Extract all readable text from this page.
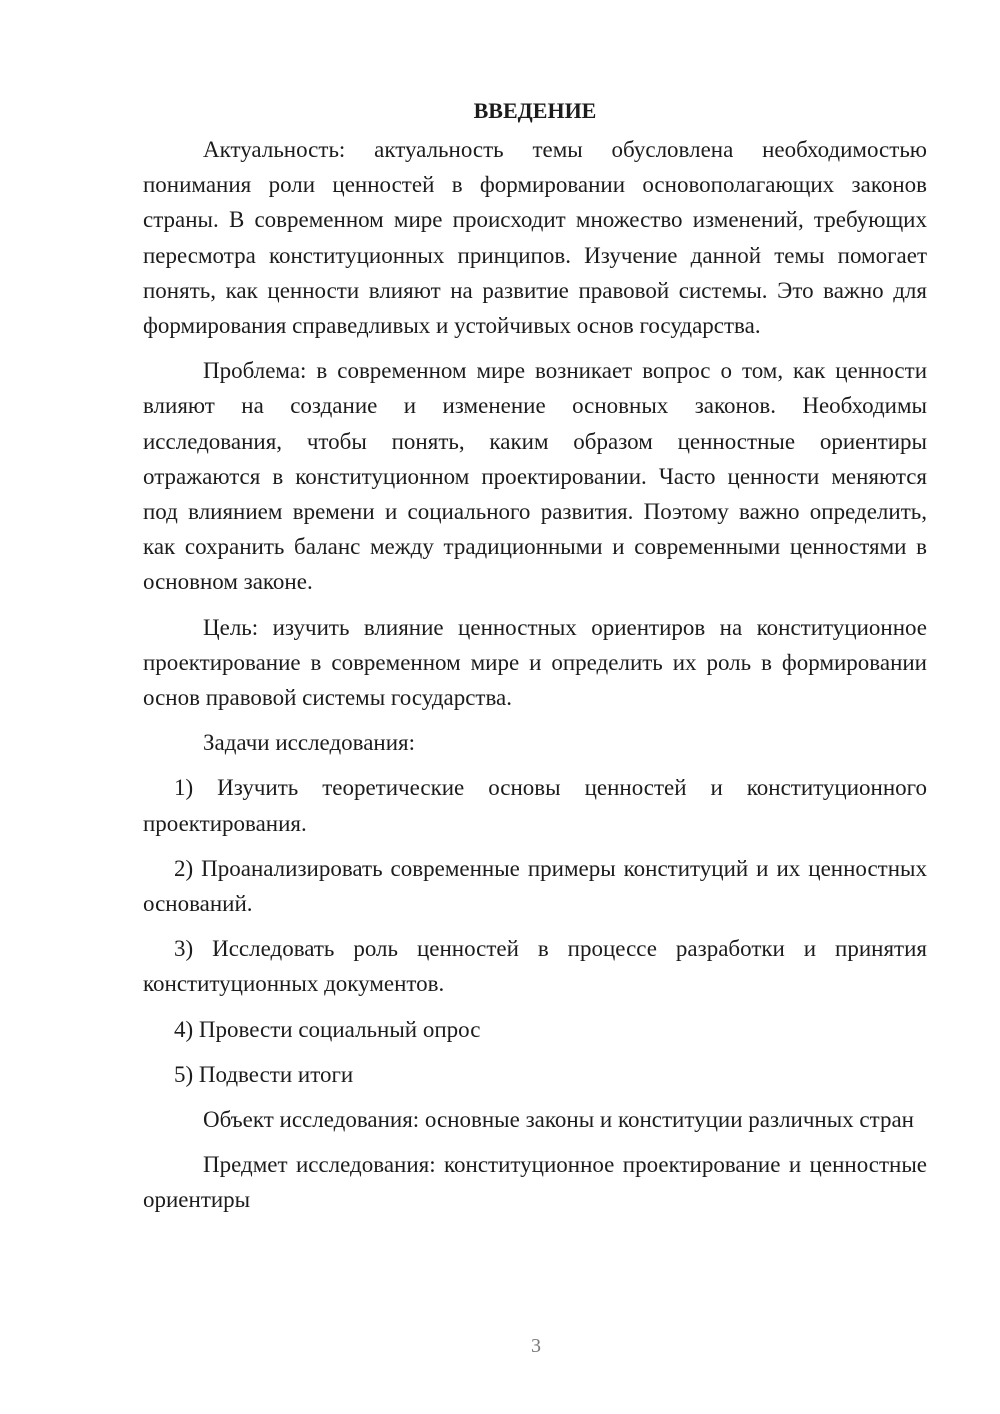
ВВЕДЕНИЕ

Актуальность: актуальность темы обусловлена необходимостью понимания роли ценностей в формировании основополагающих законов страны. В современном мире происходит множество изменений, требующих пересмотра конституционных принципов. Изучение данной темы помогает понять, как ценности влияют на развитие правовой системы. Это важно для формирования справедливых и устойчивых основ государства.

Проблема: в современном мире возникает вопрос о том, как ценности влияют на создание и изменение основных законов. Необходимы исследования, чтобы понять, каким образом ценностные ориентиры отражаются в конституционном проектировании. Часто ценности меняются под влиянием времени и социального развития. Поэтому важно определить, как сохранить баланс между традиционными и современными ценностями в основном законе.

Цель: изучить влияние ценностных ориентиров на конституционное проектирование в современном мире и определить их роль в формировании основ правовой системы государства.

Задачи исследования:

1) Изучить теоретические основы ценностей и конституционного проектирования.

2) Проанализировать современные примеры конституций и их ценностных оснований.

3) Исследовать роль ценностей в процессе разработки и принятия конституционных документов.

4) Провести социальный опрос

5) Подвести итоги

Объект исследования: основные законы и конституции различных стран

Предмет исследования: конституционное проектирование и ценностные ориентиры

3
